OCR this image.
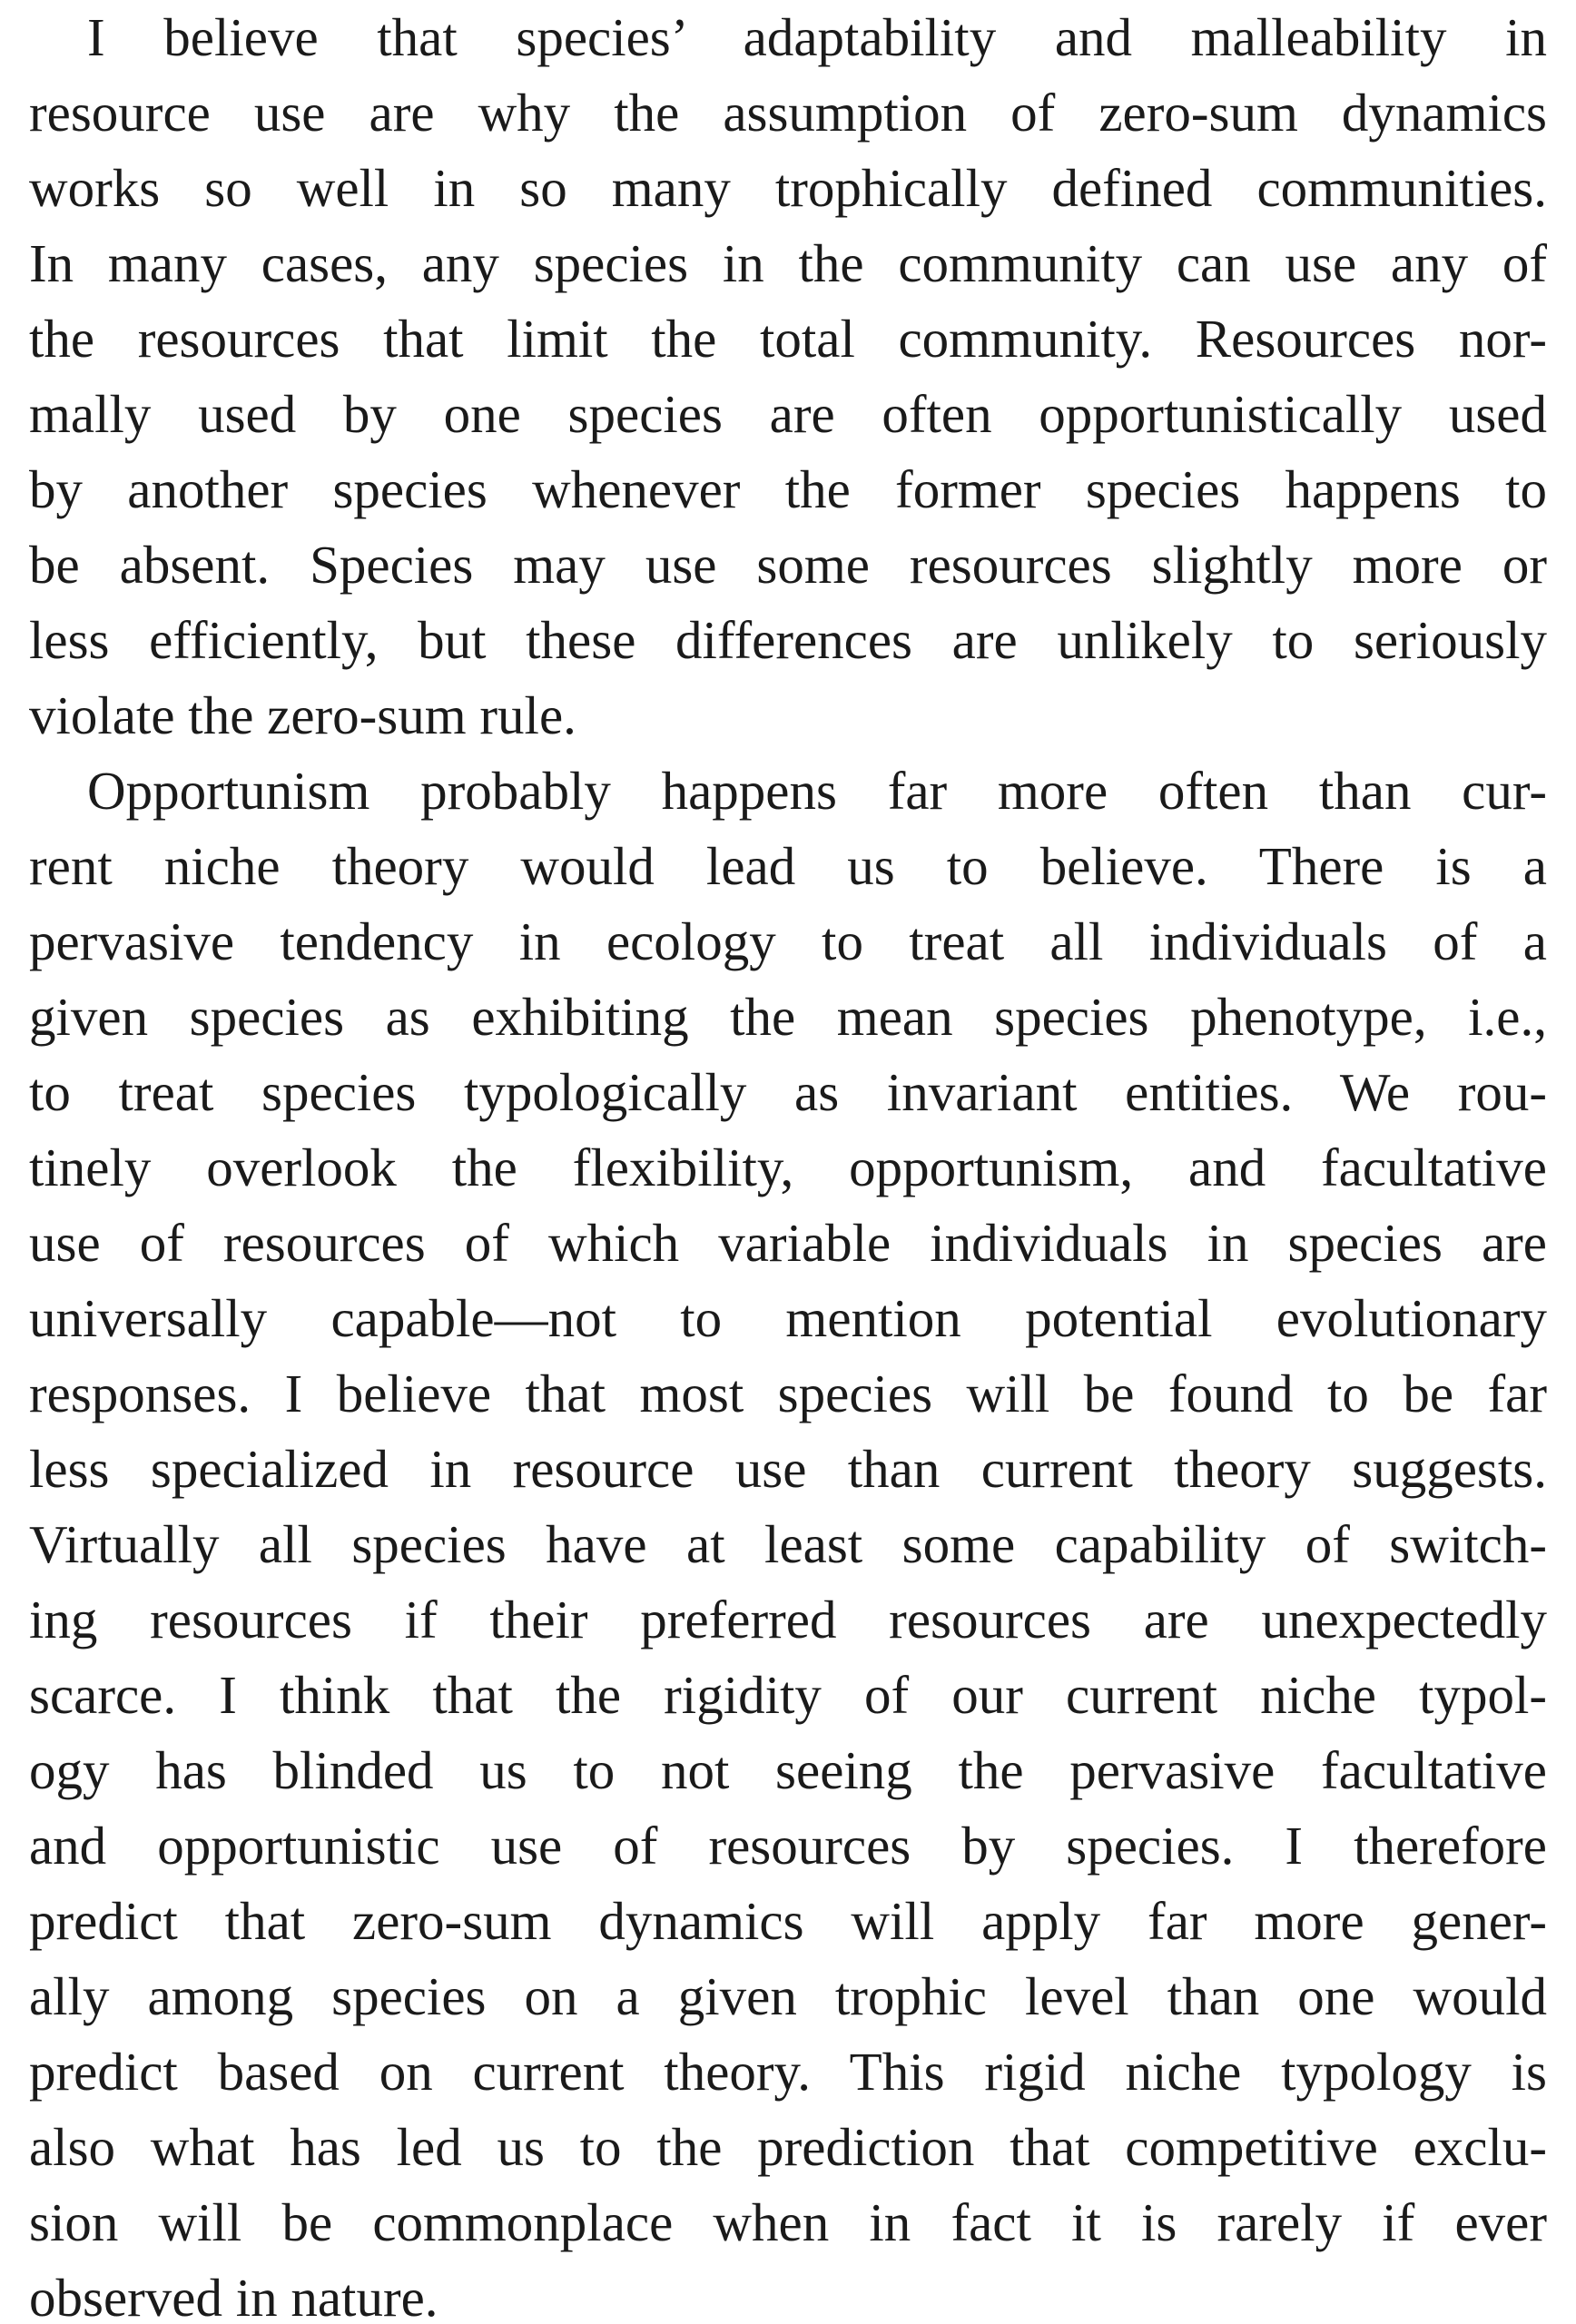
I believe that species’ adaptability and malleability in
resource use are why the assumption of zero-sum dynamics
works so well in so many trophically defined communities.
In many cases, any species in the community can use any of
the resources that limit the total community. Resources nor-
mally used by one species are often opportunistically used
by another species whenever the former species happens to
be absent. Species may use some resources slightly more or
less efficiently, but these differences are unlikely to seriously
violate the zero-sum rule.
Opportunism probably happens far more often than cur-
rent niche theory would lead us to believe. There is a
pervasive tendency in ecology to treat all individuals of a
given species as exhibiting the mean species phenotype, i.e.,
to treat species typologically as invariant entities. We rou-
tinely overlook the flexibility, opportunism, and facultative
use of resources of which variable individuals in species are
universally capable—not to mention potential evolutionary
responses. I believe that most species will be found to be far
less specialized in resource use than current theory suggests.
Virtually all species have at least some capability of switch-
ing resources if their preferred resources are unexpectedly
scarce. I think that the rigidity of our current niche typol-
ogy has blinded us to not seeing the pervasive facultative
and opportunistic use of resources by species. I therefore
predict that zero-sum dynamics will apply far more gener-
ally among species on a given trophic level than one would
predict based on current theory. This rigid niche typology is
also what has led us to the prediction that competitive exclu-
sion will be commonplace when in fact it is rarely if ever
observed in nature.
